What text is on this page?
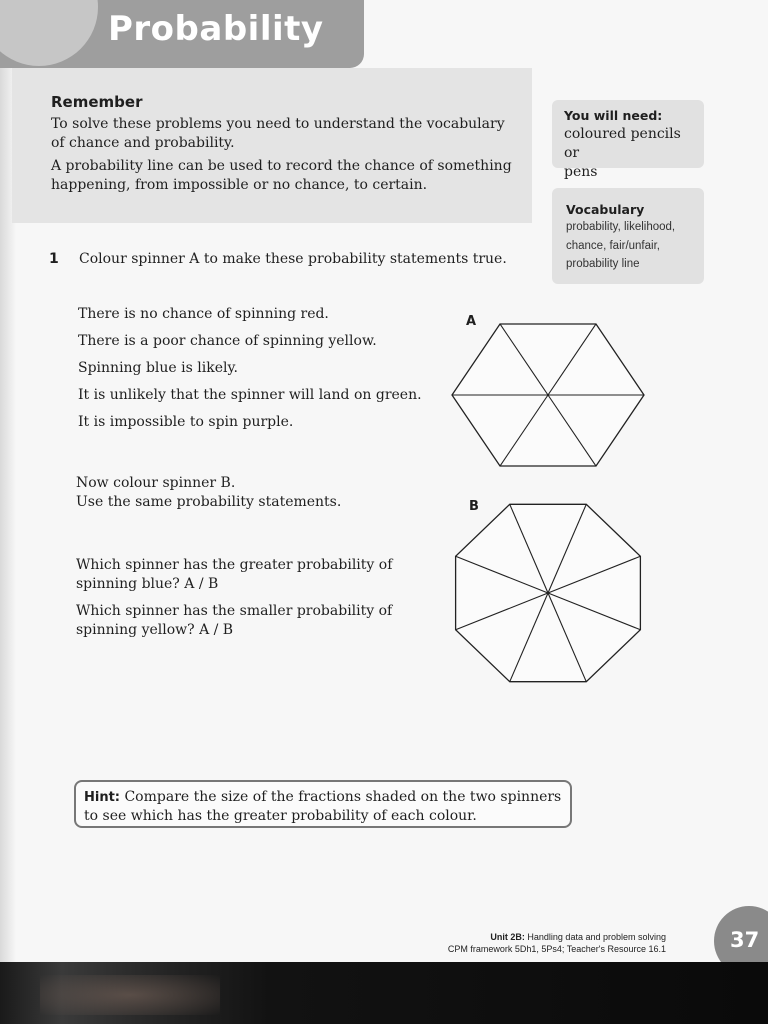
Probability
Remember
To solve these problems you need to understand the vocabulary
of chance and probability.
A probability line can be used to record the chance of something
happening, from impossible or no chance, to certain.
You will need:
coloured pencils or
pens
Vocabulary
probability, likelihood,
chance, fair/unfair,
probability line
1 Colour spinner A to make these probability statements true.
There is no chance of spinning red.
There is a poor chance of spinning yellow.
Spinning blue is likely.
It is unlikely that the spinner will land on green.
It is impossible to spin purple.
Now colour spinner B.
Use the same probability statements.
Which spinner has the greater probability of
spinning blue? A / B
Which spinner has the smaller probability of
spinning yellow? A / B
A
B
Hint: Compare the size of the fractions shaded on the two spinners
to see which has the greater probability of each colour.
Unit 2B: Handling data and problem solving
CPM framework 5Dh1, 5Ps4; Teacher's Resource 16.1	37
